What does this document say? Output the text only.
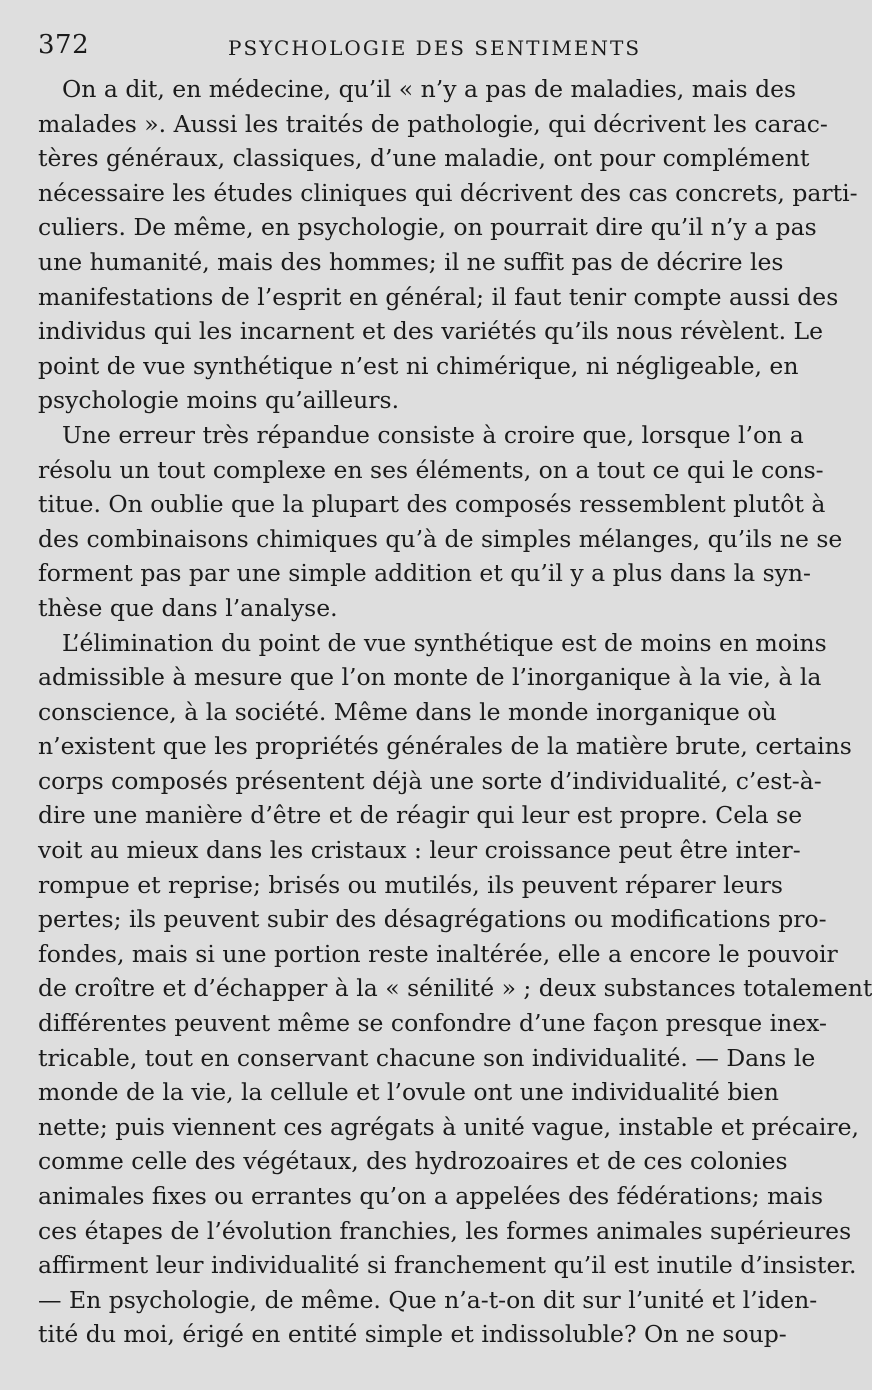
372	PSYCHOLOGIE DES SENTIMENTS
On a dit, en médecine, qu’il « n’y a pas de maladies, mais des
malades ». Aussi les traités de pathologie, qui décrivent les carac-
tères généraux, classiques, d’une maladie, ont pour complément
nécessaire les études cliniques qui décrivent des cas concrets, parti-
culiers. De même, en psychologie, on pourrait dire qu’il n’y a pas
une humanité, mais des hommes; il ne suffit pas de décrire les
manifestations de l’esprit en général; il faut tenir compte aussi des
individus qui les incarnent et des variétés qu’ils nous révèlent. Le
point de vue synthétique n’est ni chimérique, ni négligeable, en
psychologie moins qu’ailleurs.
Une erreur très répandue consiste à croire que, lorsque l’on a
résolu un tout complexe en ses éléments, on a tout ce qui le cons-
titue. On oublie que la plupart des composés ressemblent plutôt à
des combinaisons chimiques qu’à de simples mélanges, qu’ils ne se
forment pas par une simple addition et qu’il y a plus dans la syn-
thèse que dans l’analyse.
L’élimination du point de vue synthétique est de moins en moins
admissible à mesure que l’on monte de l’inorganique à la vie, à la
conscience, à la société. Même dans le monde inorganique où
n’existent que les propriétés générales de la matière brute, certains
corps composés présentent déjà une sorte d’individualité, c’est-à-
dire une manière d’être et de réagir qui leur est propre. Cela se
voit au mieux dans les cristaux : leur croissance peut être inter-
rompue et reprise; brisés ou mutilés, ils peuvent réparer leurs
pertes; ils peuvent subir des désagrégations ou modifications pro-
fondes, mais si une portion reste inaltérée, elle a encore le pouvoir
de croître et d’échapper à la « sénilité » ; deux substances totalement
différentes peuvent même se confondre d’une façon presque inex-
tricable, tout en conservant chacune son individualité. — Dans le
monde de la vie, la cellule et l’ovule ont une individualité bien
nette; puis viennent ces agrégats à unité vague, instable et précaire,
comme celle des végétaux, des hydrozoaires et de ces colonies
animales fixes ou errantes qu’on a appelées des fédérations; mais
ces étapes de l’évolution franchies, les formes animales supérieures
affirment leur individualité si franchement qu’il est inutile d’insister.
— En psychologie, de même. Que n’a-t-on dit sur l’unité et l’iden-
tité du moi, érigé en entité simple et indissoluble? On ne soup-
